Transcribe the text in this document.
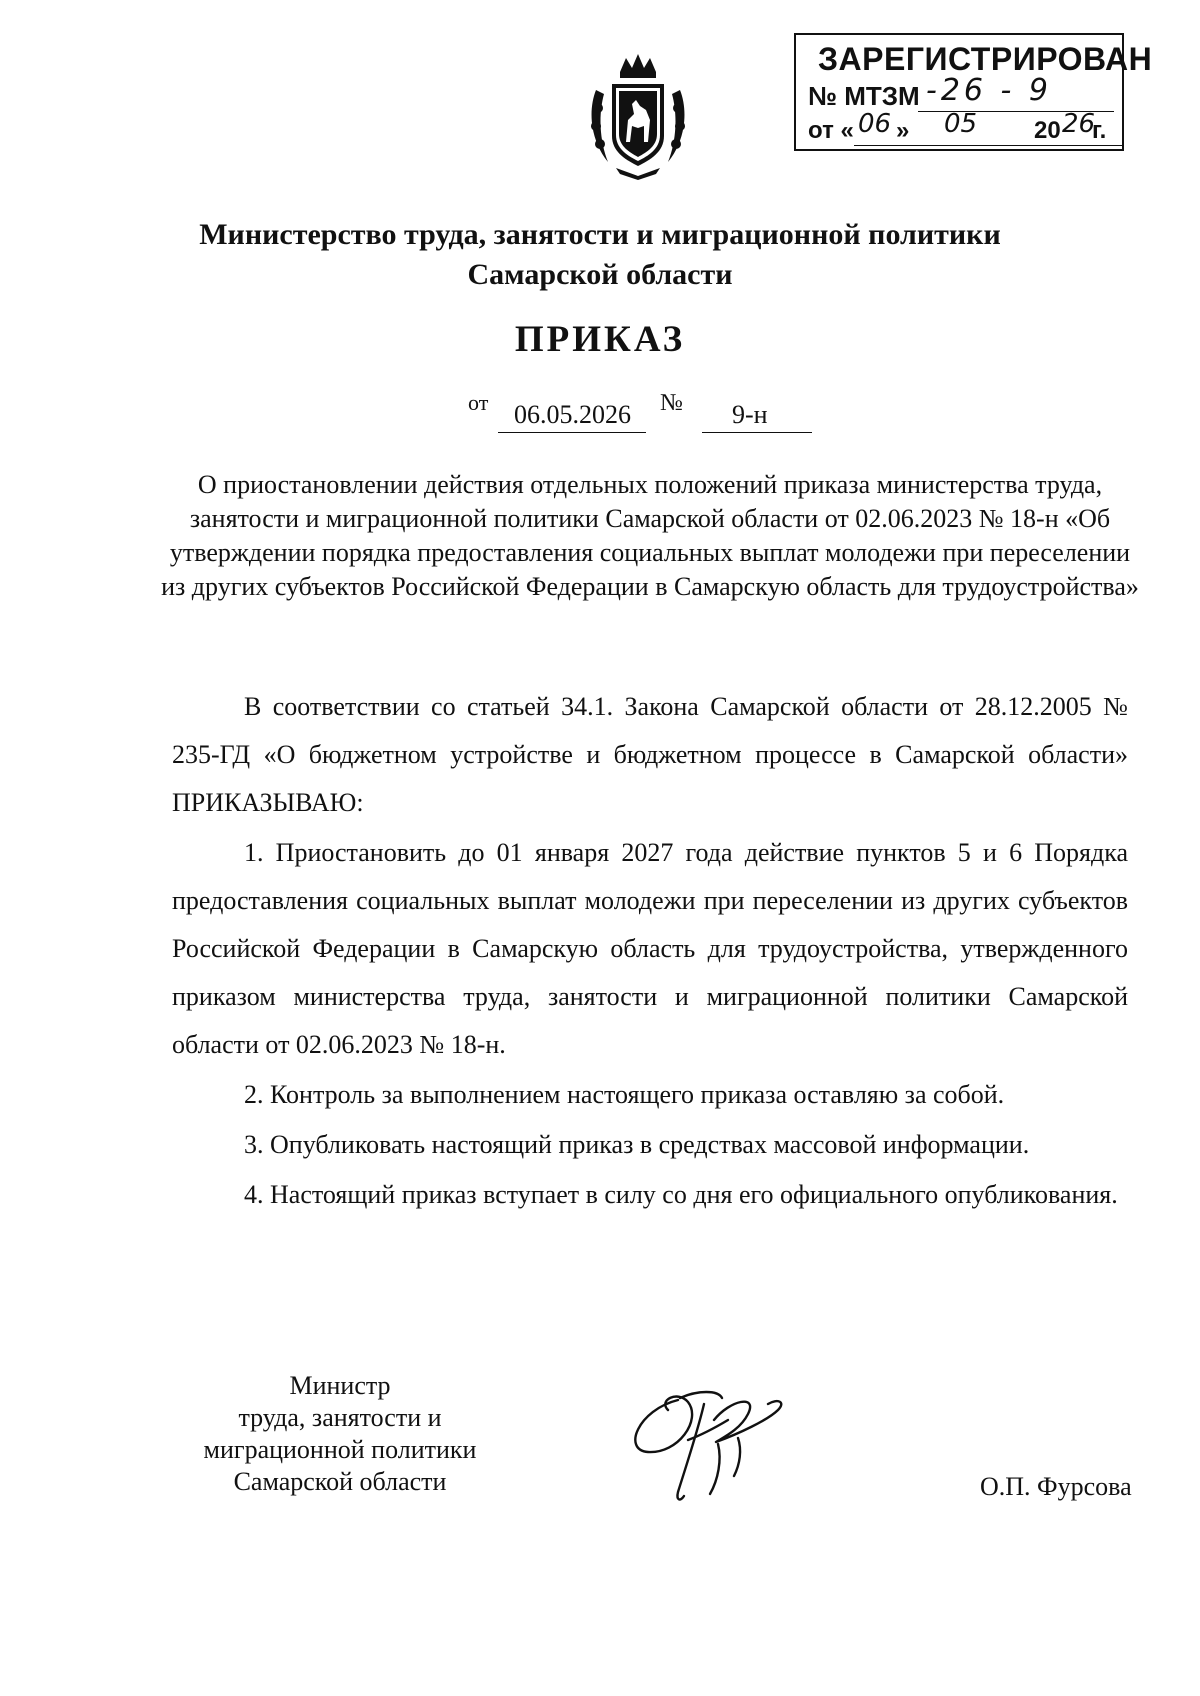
ЗАРЕГИСТРИРОВАН
№ МТЗМ -26 - 9
от « 06 » 05 20 26
г.
Министерство труда, занятости и миграционной политики
Самарской области
ПРИКАЗ
от 06.05.2026 № 9-н
О приостановлении действия отдельных положений приказа министерства труда, занятости и миграционной политики Самарской области от 02.06.2023 № 18-н «Об утверждении порядка предоставления социальных выплат молодежи при переселении из других субъектов Российской Федерации в Самарскую область для трудоустройства»

В соответствии со статьей 34.1. Закона Самарской области от 28.12.2005 № 235-ГД «О бюджетном устройстве и бюджетном процессе в Самарской области» ПРИКАЗЫВАЮ:

1. Приостановить до 01 января 2027 года действие пунктов 5 и 6 Порядка предоставления социальных выплат молодежи при переселении из других субъектов Российской Федерации в Самарскую область для трудоустройства, утвержденного приказом министерства труда, занятости и миграционной политики Самарской области от 02.06.2023 № 18-н.

2. Контроль за выполнением настоящего приказа оставляю за собой.

3. Опубликовать настоящий приказ в средствах массовой информации.

4. Настоящий приказ вступает в силу со дня его официального опубликования.

Министр
труда, занятости и
миграционной политики
Самарской области	О.П. Фурсова
